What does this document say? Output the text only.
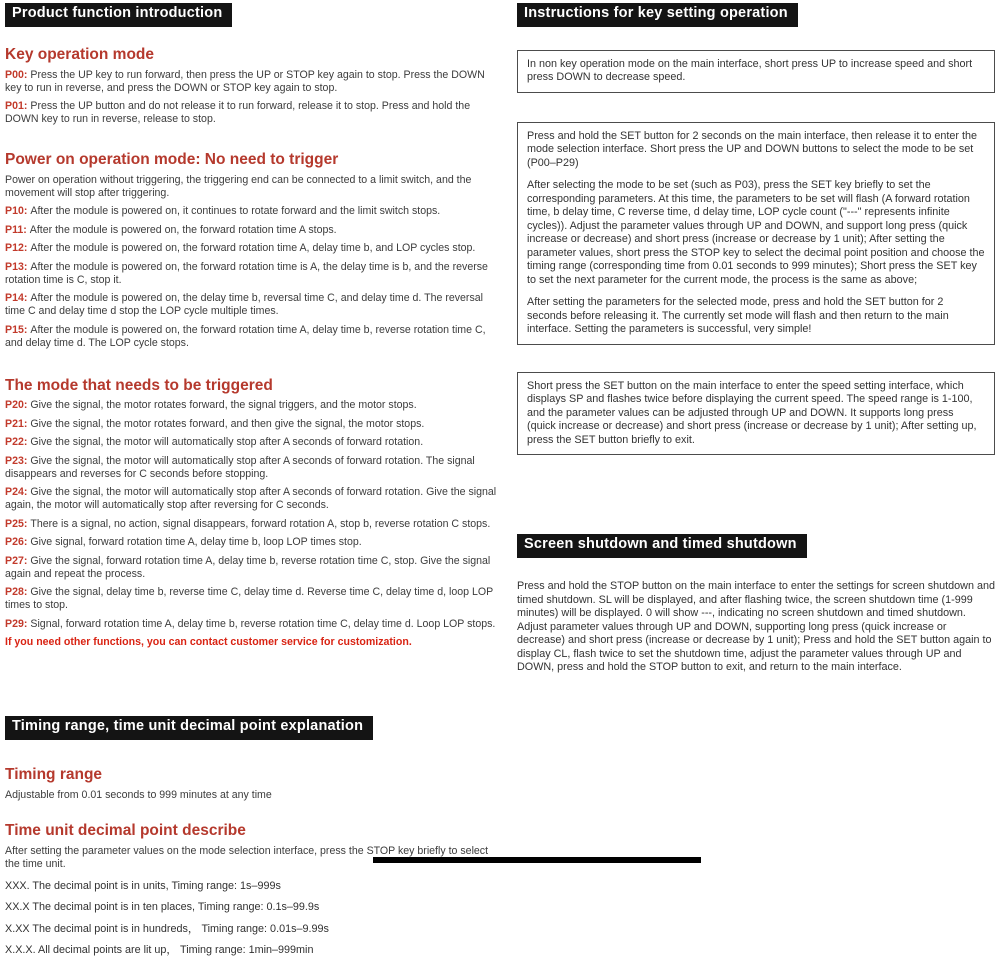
Product function introduction
Key operation mode

P00: Press the UP key to run forward, then press the UP or STOP key again to stop. Press the DOWN key to run in reverse, and press the DOWN or STOP key again to stop.

P01: Press the UP button and do not release it to run forward, release it to stop. Press and hold the DOWN key to run in reverse, release to stop.

Power on operation mode: No need to trigger

Power on operation without triggering, the triggering end can be connected to a limit switch, and the movement will stop after triggering.

P10: After the module is powered on, it continues to rotate forward and the limit switch stops.

P11: After the module is powered on, the forward rotation time A stops.

P12: After the module is powered on, the forward rotation time A, delay time b, and LOP cycles stop.

P13: After the module is powered on, the forward rotation time is A, the delay time is b, and the reverse rotation time is C, stop it.

P14: After the module is powered on, the delay time b, reversal time C, and delay time d. The reversal time C and delay time d stop the LOP cycle multiple times.

P15: After the module is powered on, the forward rotation time A, delay time b, reverse rotation time C, and delay time d. The LOP cycle stops.

The mode that needs to be triggered

P20: Give the signal, the motor rotates forward, the signal triggers, and the motor stops.

P21: Give the signal, the motor rotates forward, and then give the signal, the motor stops.

P22: Give the signal, the motor will automatically stop after A seconds of forward rotation.

P23: Give the signal, the motor will automatically stop after A seconds of forward rotation. The signal disappears and reverses for C seconds before stopping.

P24: Give the signal, the motor will automatically stop after A seconds of forward rotation. Give the signal again, the motor will automatically stop after reversing for C seconds.

P25: There is a signal, no action, signal disappears, forward rotation A, stop b, reverse rotation C stops.

P26: Give signal, forward rotation time A, delay time b, loop LOP times stop.

P27: Give the signal, forward rotation time A, delay time b, reverse rotation time C, stop. Give the signal again and repeat the process.

P28: Give the signal, delay time b, reverse time C, delay time d. Reverse time C, delay time d, loop LOP times to stop.

P29: Signal, forward rotation time A, delay time b, reverse rotation time C, delay time d. Loop LOP stops.

If you need other functions, you can contact customer service for customization.

Timing range, time unit decimal point explanation
Timing range

Adjustable from 0.01 seconds to 999 minutes at any time

Time unit decimal point describe

After setting the parameter values on the mode selection interface, press the STOP key briefly to select the time unit.

XXX. The decimal point is in units, Timing range: 1s–999s

XX.X The decimal point is in ten places, Timing range: 0.1s–99.9s

X.XX The decimal point is in hundreds， Timing range: 0.01s–9.99s

X.X.X. All decimal points are lit up， Timing range: 1min–999min

Instructions for key setting operation

In non key operation mode on the main interface, short press UP to increase speed and short press DOWN to decrease speed.

Press and hold the SET button for 2 seconds on the main interface, then release it to enter the mode selection interface. Short press the UP and DOWN buttons to select the mode to be set (P00–P29)

After selecting the mode to be set (such as P03), press the SET key briefly to set the corresponding parameters. At this time, the parameters to be set will flash (A forward rotation time, b delay time, C reverse time, d delay time, LOP cycle count ("---" represents infinite cycles)). Adjust the parameter values through UP and DOWN, and support long press (quick increase or decrease) and short press (increase or decrease by 1 unit); After setting the parameter values, short press the STOP key to select the decimal point position and choose the timing range (corresponding time from 0.01 seconds to 999 minutes); Short press the SET key to set the next parameter for the current mode, the process is the same as above;

After setting the parameters for the selected mode, press and hold the SET button for 2 seconds before releasing it. The currently set mode will flash and then return to the main interface. Setting the parameters is successful, very simple!

Short press the SET button on the main interface to enter the speed setting interface, which displays SP and flashes twice before displaying the current speed. The speed range is 1-100, and the parameter values can be adjusted through UP and DOWN. It supports long press (quick increase or decrease) and short press (increase or decrease by 1 unit); After setting up, press the SET button briefly to exit.

Screen shutdown and timed shutdown

Press and hold the STOP button on the main interface to enter the settings for screen shutdown and timed shutdown. SL will be displayed, and after flashing twice, the screen shutdown time (1-999 minutes) will be displayed. 0 will show ---, indicating no screen shutdown and timed shutdown. Adjust parameter values through UP and DOWN, supporting long press (quick increase or decrease) and short press (increase or decrease by 1 unit); Press and hold the SET button again to display CL, flash twice to set the shutdown time, adjust the parameter values through UP and DOWN, press and hold the STOP button to exit, and return to the main interface.
